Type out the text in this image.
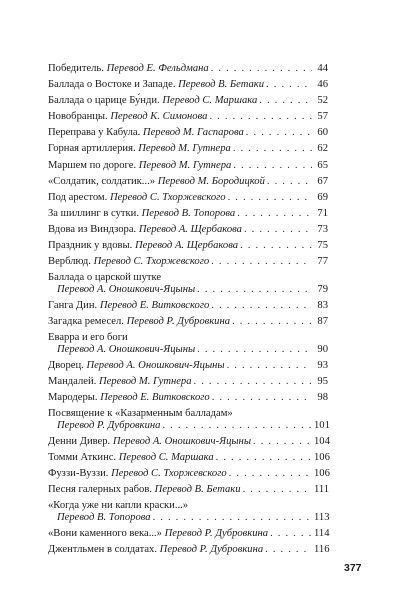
Победитель. Перевод Е. Фельдмана . . .	44
Баллада о Востоке и Западе. Перевод В. Бетаки . . .	46
Баллада о царице Бу́нди. Перевод С. Маршака . . .	52
Новобранцы. Перевод К. Симонова . . .	57
Переправа у Кабула. Перевод М. Гаспарова . . .	60
Горная артиллерия. Перевод М. Гутнера . . .	62
Маршем по дороге. Перевод М. Гутнера . . .	65
«Солдатик, солдатик...» Перевод М. Бородицкой . . .	67
Под арестом. Перевод С. Тхоржевского . . .	69
За шиллинг в сутки. Перевод В. Топорова . . .	71
Вдова из Виндзора. Перевод А. Щербакова . . .	73
Праздник у вдовы. Перевод А. Щербакова . . .	75
Верблюд. Перевод С. Тхоржевского . . .	77
Баллада о царской шутке
Перевод А. Оношкович-Яцыны . . .	79
Ганга Дин. Перевод Е. Витковского . . .	83
Загадка ремесел. Перевод Р. Дубровкина . . .	87
Еварра и его боги
Перевод А. Оношкович-Яцыны . . .	90
Дворец. Перевод А. Оношкович-Яцыны . . .	93
Мандалей. Перевод М. Гутнера . . .	95
Мародеры. Перевод Е. Витковского . . .	98
Посвящение к «Казарменным балладам»
Перевод Р. Дубровкина . . .	101
Денни Дивер. Перевод А. Оношкович-Яцыны . . .	104
Томми Аткинс. Перевод С. Маршака . . .	106
Фуззи-Вуззи. Перевод С. Тхоржевского . . .	106
Песня галерных рабов. Перевод В. Бетаки . . .	111
«Когда уже ни капли краски...»
Перевод В. Топорова . . .	113
«Вони каменного века...» Перевод Р. Дубровкина . . .	114
Джентльмен в солдатах. Перевод Р. Дубровкина . . .	116
377
